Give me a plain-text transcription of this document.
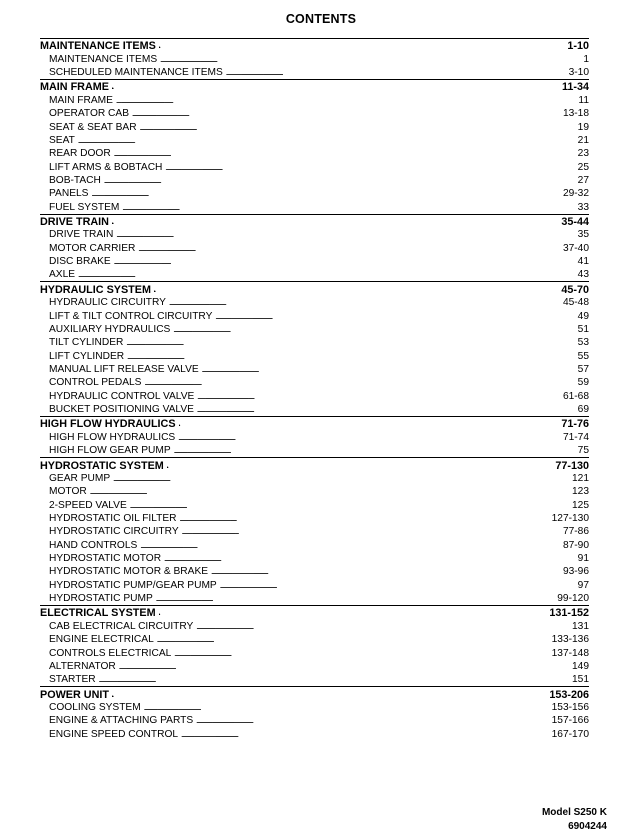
CONTENTS
MAINTENANCE ITEMS . . .	1-10
MAINTENANCE ITEMS . . .	1
SCHEDULED MAINTENANCE ITEMS . . .	3-10
MAIN FRAME . . .	11-34
MAIN FRAME . . .	11
OPERATOR CAB . . .	13-18
SEAT & SEAT BAR . . .	19
SEAT . . .	21
REAR DOOR . . .	23
LIFT ARMS & BOBTACH . . .	25
BOB-TACH . . .	27
PANELS . . .	29-32
FUEL SYSTEM . . .	33
DRIVE TRAIN . . .	35-44
DRIVE TRAIN . . .	35
MOTOR CARRIER . . .	37-40
DISC BRAKE . . .	41
AXLE . . .	43
HYDRAULIC SYSTEM . . .	45-70
HYDRAULIC CIRCUITRY . . .	45-48
LIFT & TILT CONTROL CIRCUITRY . . .	49
AUXILIARY HYDRAULICS . . .	51
TILT CYLINDER . . .	53
LIFT CYLINDER . . .	55
MANUAL LIFT RELEASE VALVE . . .	57
CONTROL PEDALS . . .	59
HYDRAULIC CONTROL VALVE . . .	61-68
BUCKET POSITIONING VALVE . . .	69
HIGH FLOW HYDRAULICS . . .	71-76
HIGH FLOW HYDRAULICS . . .	71-74
HIGH FLOW GEAR PUMP . . .	75
HYDROSTATIC SYSTEM . . .	77-130
GEAR PUMP . . .	121
MOTOR . . .	123
2-SPEED VALVE . . .	125
HYDROSTATIC OIL FILTER . . .	127-130
HYDROSTATIC CIRCUITRY . . .	77-86
HAND CONTROLS . . .	87-90
HYDROSTATIC MOTOR . . .	91
HYDROSTATIC MOTOR & BRAKE . . .	93-96
HYDROSTATIC PUMP/GEAR PUMP . . .	97
HYDROSTATIC PUMP . . .	99-120
ELECTRICAL SYSTEM . . .	131-152
CAB ELECTRICAL CIRCUITRY . . .	131
ENGINE ELECTRICAL . . .	133-136
CONTROLS ELECTRICAL . . .	137-148
ALTERNATOR . . .	149
STARTER . . .	151
POWER UNIT . . .	153-206
COOLING SYSTEM . . .	153-156
ENGINE & ATTACHING PARTS . . .	157-166
ENGINE SPEED CONTROL . . .	167-170
Model S250 K
6904244
